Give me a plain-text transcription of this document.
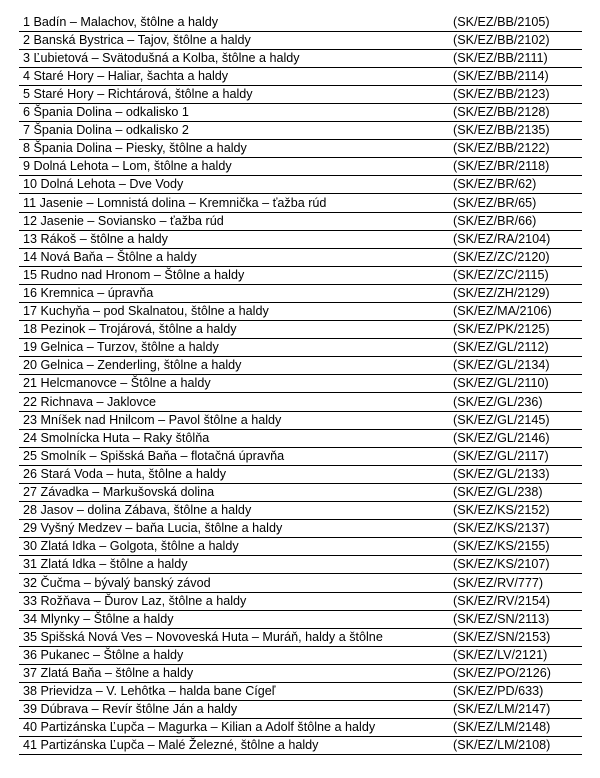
1 Badín – Malachov, štôlne a haldy	(SK/EZ/BB/2105)
2 Banská Bystrica – Tajov, štôlne a haldy	(SK/EZ/BB/2102)
3 Ľubietová – Svätodušná a Kolba, štôlne a haldy	(SK/EZ/BB/2111)
4 Staré Hory – Haliar, šachta a haldy	(SK/EZ/BB/2114)
5 Staré Hory – Richtárová, štôlne a haldy	(SK/EZ/BB/2123)
6 Špania Dolina – odkalisko 1	(SK/EZ/BB/2128)
7 Špania Dolina – odkalisko 2	(SK/EZ/BB/2135)
8 Špania Dolina – Piesky, štôlne a haldy	(SK/EZ/BB/2122)
9 Dolná Lehota – Lom, štôlne a haldy	(SK/EZ/BR/2118)
10 Dolná Lehota – Dve Vody	(SK/EZ/BR/62)
11 Jasenie – Lomnistá dolina – Kremnička – ťažba rúd	(SK/EZ/BR/65)
12 Jasenie – Soviansko – ťažba rúd	(SK/EZ/BR/66)
13 Rákoš – štôlne a haldy	(SK/EZ/RA/2104)
14 Nová Baňa – Štôlne a haldy	(SK/EZ/ZC/2120)
15 Rudno nad Hronom – Štôlne a haldy	(SK/EZ/ZC/2115)
16 Kremnica – úpravňa	(SK/EZ/ZH/2129)
17 Kuchyňa – pod Skalnatou, štôlne a haldy	(SK/EZ/MA/2106)
18 Pezinok – Trojárová, štôlne a haldy	(SK/EZ/PK/2125)
19 Gelnica – Turzov, štôlne a haldy	(SK/EZ/GL/2112)
20 Gelnica – Zenderling, štôlne a haldy	(SK/EZ/GL/2134)
21 Helcmanovce – Štôlne a haldy	(SK/EZ/GL/2110)
22 Richnava – Jaklovce	(SK/EZ/GL/236)
23 Mníšek nad Hnilcom – Pavol štôlne a haldy	(SK/EZ/GL/2145)
24 Smolnícka Huta – Raky štôlňa	(SK/EZ/GL/2146)
25 Smolník – Spišská Baňa – flotačná úpravňa	(SK/EZ/GL/2117)
26 Stará Voda – huta, štôlne a haldy	(SK/EZ/GL/2133)
27 Závadka – Markušovská dolina	(SK/EZ/GL/238)
28 Jasov – dolina Zábava, štôlne a haldy	(SK/EZ/KS/2152)
29 Vyšný Medzev – baňa Lucia, štôlne a haldy	(SK/EZ/KS/2137)
30 Zlatá Idka – Golgota, štôlne a haldy	(SK/EZ/KS/2155)
31 Zlatá Idka – štôlne a haldy	(SK/EZ/KS/2107)
32 Čučma – bývalý banský závod	(SK/EZ/RV/777)
33 Rožňava – Ďurov Laz, štôlne a haldy	(SK/EZ/RV/2154)
34 Mlynky – Štôlne a haldy	(SK/EZ/SN/2113)
35 Spišská Nová Ves – Novoveská Huta – Muráň, haldy a štôlne	(SK/EZ/SN/2153)
36 Pukanec – Štôlne a haldy	(SK/EZ/LV/2121)
37 Zlatá Baňa – štôlne a haldy	(SK/EZ/PO/2126)
38 Prievidza – V. Lehôtka – halda bane Cígeľ	(SK/EZ/PD/633)
39 Dúbrava – Revír štôlne Ján a haldy	(SK/EZ/LM/2147)
40 Partizánska Ľupča – Magurka – Kilian a Adolf štôlne a haldy	(SK/EZ/LM/2148)
41 Partizánska Ľupča – Malé Železné, štôlne a haldy	(SK/EZ/LM/2108)
